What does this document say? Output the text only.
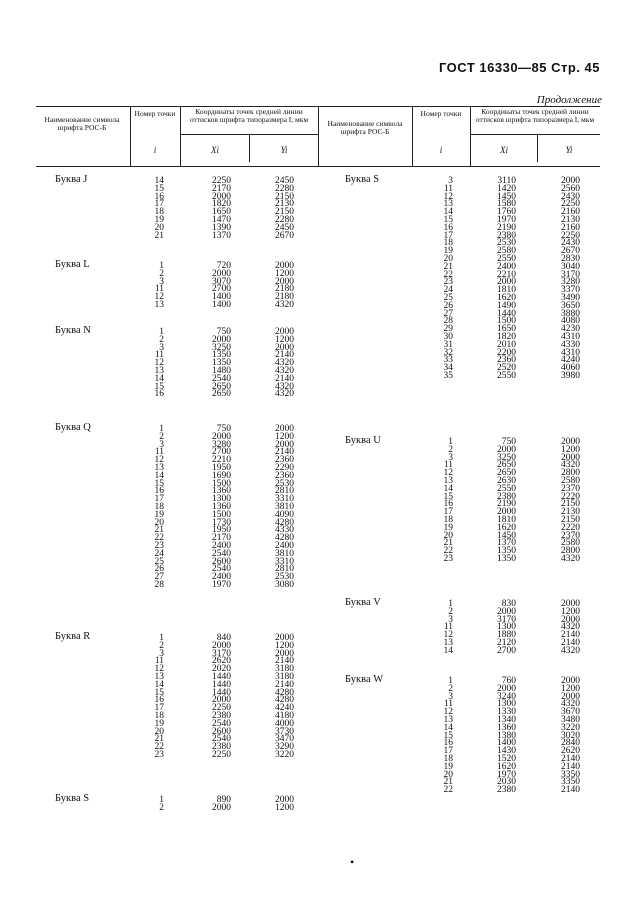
ГОСТ 16330—85 Стр. 45
Продолжение
Наименование символа шрифта РОС-Б
Номер точки	Координаты точек средней линии оттисков шрифта типоразмера I, мкм
i	Xi	Yi
Наименование символа шрифта РОС-Б
Номер точки	Координаты точек средней линии оттисков шрифта типоразмера I, мкм
i	Xi	Yi
Буква J	14	2250	2450
15	2170	2280
16	2000	2150
17	1820	2130
18	1650	2150
19	1470	2280
20	1390	2450
21	1370	2670
Буква L	1	720	2000
2	2000	1200
3	3070	2000
11	2700	2180
12	1400	2180
13	1400	4320
Буква N	1	750	2000
2	2000	1200
3	3250	2000
11	1350	2140
12	1350	4320
13	1480	4320
14	2540	2140
15	2650	4320
16	2650	4320
Буква Q	1	750	2000
2	2000	1200
3	3280	2000
11	2700	2140
12	2210	2360
13	1950	2290
14	1690	2360
15	1500	2530
16	1360	2810
17	1300	3310
18	1360	3810
19	1500	4090
20	1730	4280
21	1950	4330
22	2170	4280
23	2400	2400
24	2540	3810
25	2600	3310
26	2540	2810
27	2400	2530
28	1970	3080
Буква R	1	840	2000
2	2000	1200
3	3170	2000
11	2620	2140
12	2020	3180
13	1440	3180
14	1440	2140
15	1440	4280
16	2000	4280
17	2250	4240
18	2380	4180
19	2540	4000
20	2600	3730
21	2540	3470
22	2380	3290
23	2250	3220
Буква S	1	890	2000
2	2000	1200
Буква S	3	3110	2000
11	1420	2560
12	1450	2430
13	1580	2250
14	1760	2160
15	1970	2130
16	2190	2160
17	2380	2250
18	2530	2430
19	2580	2670
20	2550	2830
21	2400	3040
22	2210	3170
23	2000	3280
24	1810	3370
25	1620	3490
26	1490	3650
27	1440	3880
28	1500	4080
29	1650	4230
30	1820	4310
31	2010	4330
32	2200	4310
33	2360	4240
34	2520	4060
35	2550	3980
Буква U	1	750	2000
2	2000	1200
3	3250	2000
11	2650	4320
12	2650	2800
13	2630	2580
14	2550	2370
15	2380	2220
16	2190	2150
17	2000	2130
18	1810	2150
19	1620	2220
20	1450	2370
21	1370	2580
22	1350	2800
23	1350	4320
Буква V	1	830	2000
2	2000	1200
3	3170	2000
11	1300	4320
12	1880	2140
13	2120	2140
14	2700	4320
Буква W	1	760	2000
2	2000	1200
3	3240	2000
11	1300	4320
12	1330	3670
13	1340	3480
14	1360	3220
15	1380	3020
16	1400	2840
17	1430	2620
18	1520	2140
19	1620	2140
20	1970	3350
21	2030	3350
22	2380	2140
•
